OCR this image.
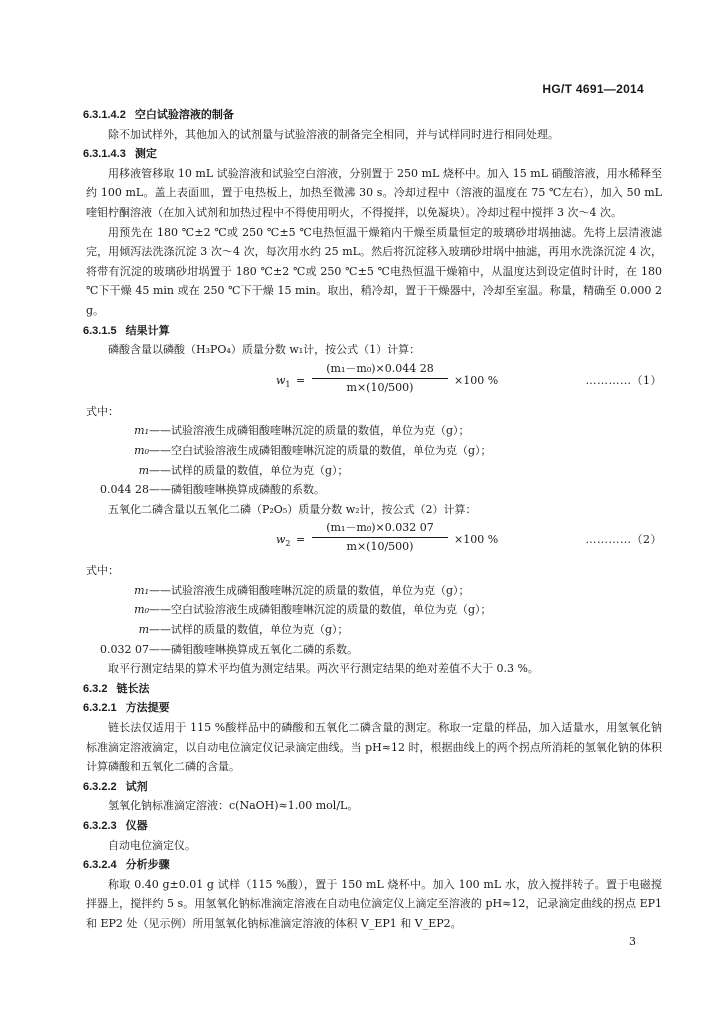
HG/T 4691—2014
6.3.1.4.2 空白试验溶液的制备
除不加试样外，其他加入的试剂量与试验溶液的制备完全相同，并与试样同时进行相同处理。
6.3.1.4.3 测定
用移液管移取 10 mL 试验溶液和试验空白溶液，分别置于 250 mL 烧杯中。加入 15 mL 硝酸溶液，用水稀释至约 100 mL。盖上表面皿，置于电热板上，加热至微沸 30 s。冷却过程中（溶液的温度在 75 ℃左右），加入 50 mL 喹钼柠酮溶液（在加入试剂和加热过程中不得使用明火，不得搅拌，以免凝块）。冷却过程中搅拌 3 次～4 次。
用预先在 180 ℃±2 ℃或 250 ℃±5 ℃电热恒温干燥箱内干燥至质量恒定的玻璃砂坩埚抽滤。先将上层清液滤完，用倾泻法洗涤沉淀 3 次～4 次，每次用水约 25 mL。然后将沉淀移入玻璃砂坩埚中抽滤，再用水洗涤沉淀 4 次，将带有沉淀的玻璃砂坩埚置于 180 ℃±2 ℃或 250 ℃±5 ℃电热恒温干燥箱中，从温度达到设定值时计时，在 180 ℃下干燥 45 min 或在 250 ℃下干燥 15 min。取出，稍冷却，置于干燥器中，冷却至室温。称量，精确至 0.000 2 g。
6.3.1.5 结果计算
磷酸含量以磷酸（H₃PO₄）质量分数 w₁计，按公式（1）计算：
$w_1$ =
(m₁－m₀)×0.044 28
m×(10/500)
×100 %	…………（1）
式中：
m₁——试验溶液生成磷钼酸喹啉沉淀的质量的数值，单位为克（g）；
m₀——空白试验溶液生成磷钼酸喹啉沉淀的质量的数值，单位为克（g）；
m——试样的质量的数值，单位为克（g）；
0.044 28——磷钼酸喹啉换算成磷酸的系数。
五氧化二磷含量以五氧化二磷（P₂O₅）质量分数 w₂计，按公式（2）计算：
$w_2$ =
(m₁－m₀)×0.032 07
m×(10/500)
×100 %	…………（2）
式中：
m₁——试验溶液生成磷钼酸喹啉沉淀的质量的数值，单位为克（g）；
m₀——空白试验溶液生成磷钼酸喹啉沉淀的质量的数值，单位为克（g）；
m——试样的质量的数值，单位为克（g）；
0.032 07——磷钼酸喹啉换算成五氧化二磷的系数。
取平行测定结果的算术平均值为测定结果。两次平行测定结果的绝对差值不大于 0.3 %。
6.3.2 链长法
6.3.2.1 方法提要
链长法仅适用于 115 %酸样品中的磷酸和五氧化二磷含量的测定。称取一定量的样品，加入适量水，用氢氧化钠标准滴定溶液滴定，以自动电位滴定仪记录滴定曲线。当 pH≈12 时，根据曲线上的两个拐点所消耗的氢氧化钠的体积计算磷酸和五氧化二磷的含量。
6.3.2.2 试剂
氢氧化钠标准滴定溶液：c(NaOH)≈1.00 mol/L。
6.3.2.3 仪器
自动电位滴定仪。
6.3.2.4 分析步骤
称取 0.40 g±0.01 g 试样（115 %酸），置于 150 mL 烧杯中。加入 100 mL 水，放入搅拌转子。置于电磁搅拌器上，搅拌约 5 s。用氢氧化钠标准滴定溶液在自动电位滴定仪上滴定至溶液的 pH≈12，记录滴定曲线的拐点 EP1 和 EP2 处（见示例）所用氢氧化钠标准滴定溶液的体积 V_EP1 和 V_EP2。
3
